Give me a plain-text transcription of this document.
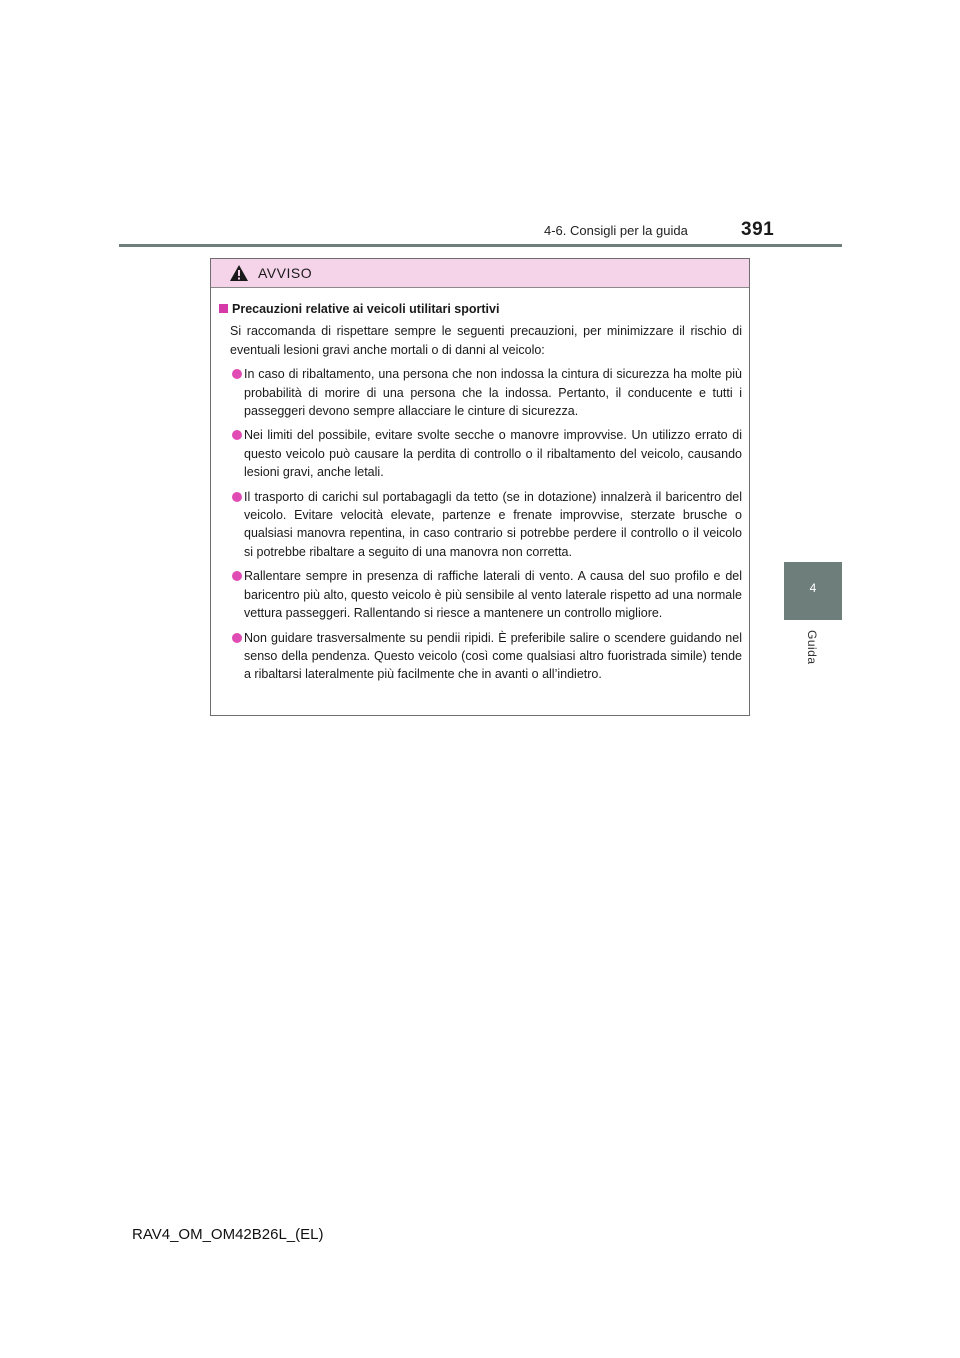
4-6. Consigli per la guida	391
4
Guida
AVVISO
Precauzioni relative ai veicoli utilitari sportivi
Si raccomanda di rispettare sempre le seguenti precauzioni, per minimizzare il rischio di eventuali lesioni gravi anche mortali o di danni al veicolo:
In caso di ribaltamento, una persona che non indossa la cintura di sicurezza ha molte più probabilità di morire di una persona che la indossa. Pertanto, il conducente e tutti i passeggeri devono sempre allacciare le cinture di sicurezza.
Nei limiti del possibile, evitare svolte secche o manovre improvvise. Un utilizzo errato di questo veicolo può causare la perdita di controllo o il ribaltamento del veicolo, causando lesioni gravi, anche letali.
Il trasporto di carichi sul portabagagli da tetto (se in dotazione) innalzerà il baricentro del veicolo. Evitare velocità elevate, partenze e frenate improvvise, sterzate brusche o qualsiasi manovra repentina, in caso contrario si potrebbe perdere il controllo o il veicolo si potrebbe ribaltare a seguito di una manovra non corretta.
Rallentare sempre in presenza di raffiche laterali di vento. A causa del suo profilo e del baricentro più alto, questo veicolo è più sensibile al vento laterale rispetto ad una normale vettura passeggeri. Rallentando si riesce a mantenere un controllo migliore.
Non guidare trasversalmente su pendii ripidi. È preferibile salire o scendere guidando nel senso della pendenza. Questo veicolo (così come qualsiasi altro fuoristrada simile) tende a ribaltarsi lateralmente più facilmente che in avanti o all’indietro.
RAV4_OM_OM42B26L_(EL)
